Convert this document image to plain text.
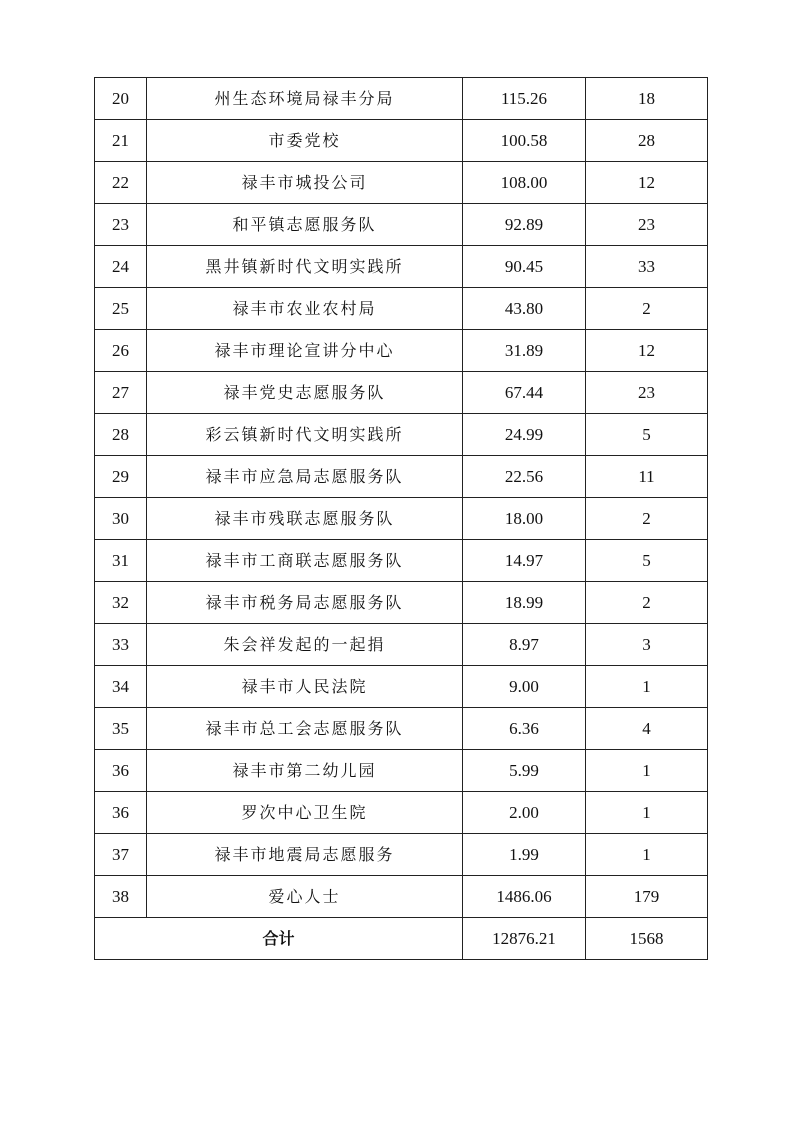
20	州生态环境局禄丰分局	115.26	18
21	市委党校	100.58	28
22	禄丰市城投公司	108.00	12
23	和平镇志愿服务队	92.89	23
24	黑井镇新时代文明实践所	90.45	33
25	禄丰市农业农村局	43.80	2
26	禄丰市理论宣讲分中心	31.89	12
27	禄丰党史志愿服务队	67.44	23
28	彩云镇新时代文明实践所	24.99	5
29	禄丰市应急局志愿服务队	22.56	11
30	禄丰市残联志愿服务队	18.00	2
31	禄丰市工商联志愿服务队	14.97	5
32	禄丰市税务局志愿服务队	18.99	2
33	朱会祥发起的一起捐	8.97	3
34	禄丰市人民法院	9.00	1
35	禄丰市总工会志愿服务队	6.36	4
36	禄丰市第二幼儿园	5.99	1
36	罗次中心卫生院	2.00	1
37	禄丰市地震局志愿服务	1.99	1
38	爱心人士	1486.06	179
合计		12876.21	1568
